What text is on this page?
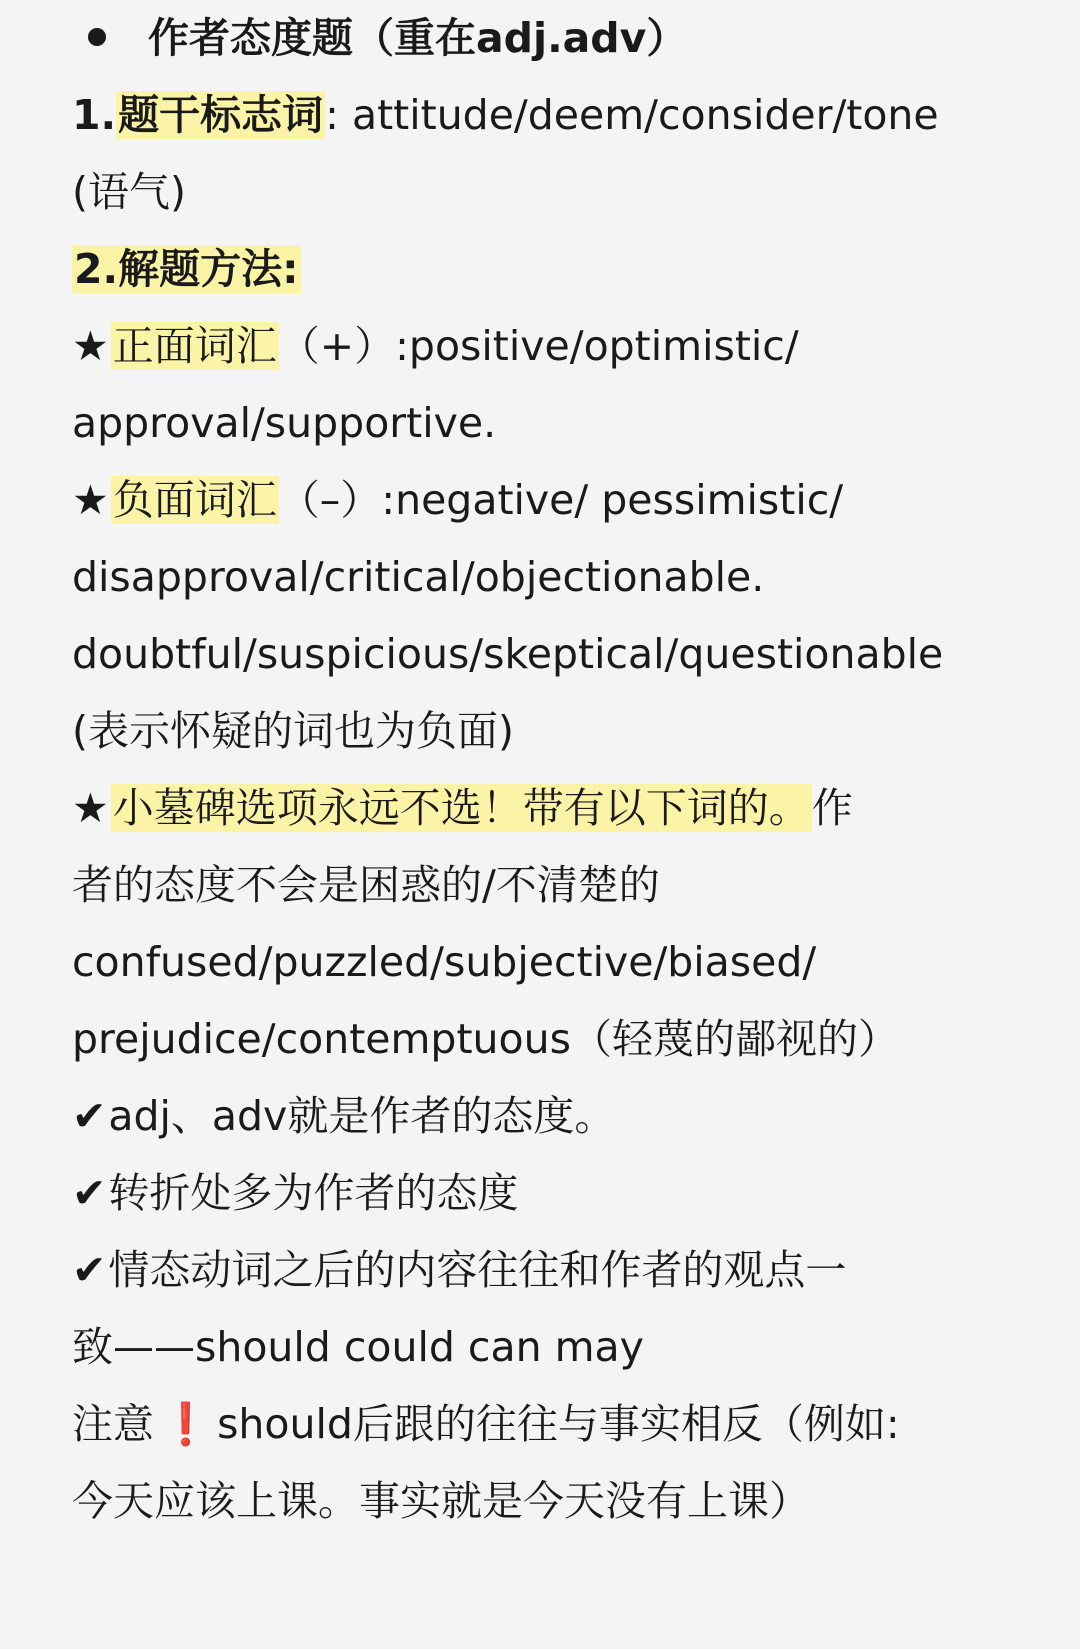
作者态度题（重在adj.adv）
1.题干标志词: attitude/deem/consider/tone
(语气)
2.解题方法:
★正面词汇（+）:positive/optimistic/
approval/supportive.
★负面词汇（–）:negative/ pessimistic/
disapproval/critical/objectionable.
doubtful/suspicious/skeptical/questionable
(表示怀疑的词也为负面)
★小墓碑选项永远不选！带有以下词的。作
者的态度不会是困惑的/不清楚的
confused/puzzled/subjective/biased/
prejudice/contemptuous（轻蔑的鄙视的）
✔adj、adv就是作者的态度。
✔转折处多为作者的态度
✔情态动词之后的内容往往和作者的观点一
致——should could can may
注意 ❗ should后跟的往往与事实相反（例如:
今天应该上课。事实就是今天没有上课）
